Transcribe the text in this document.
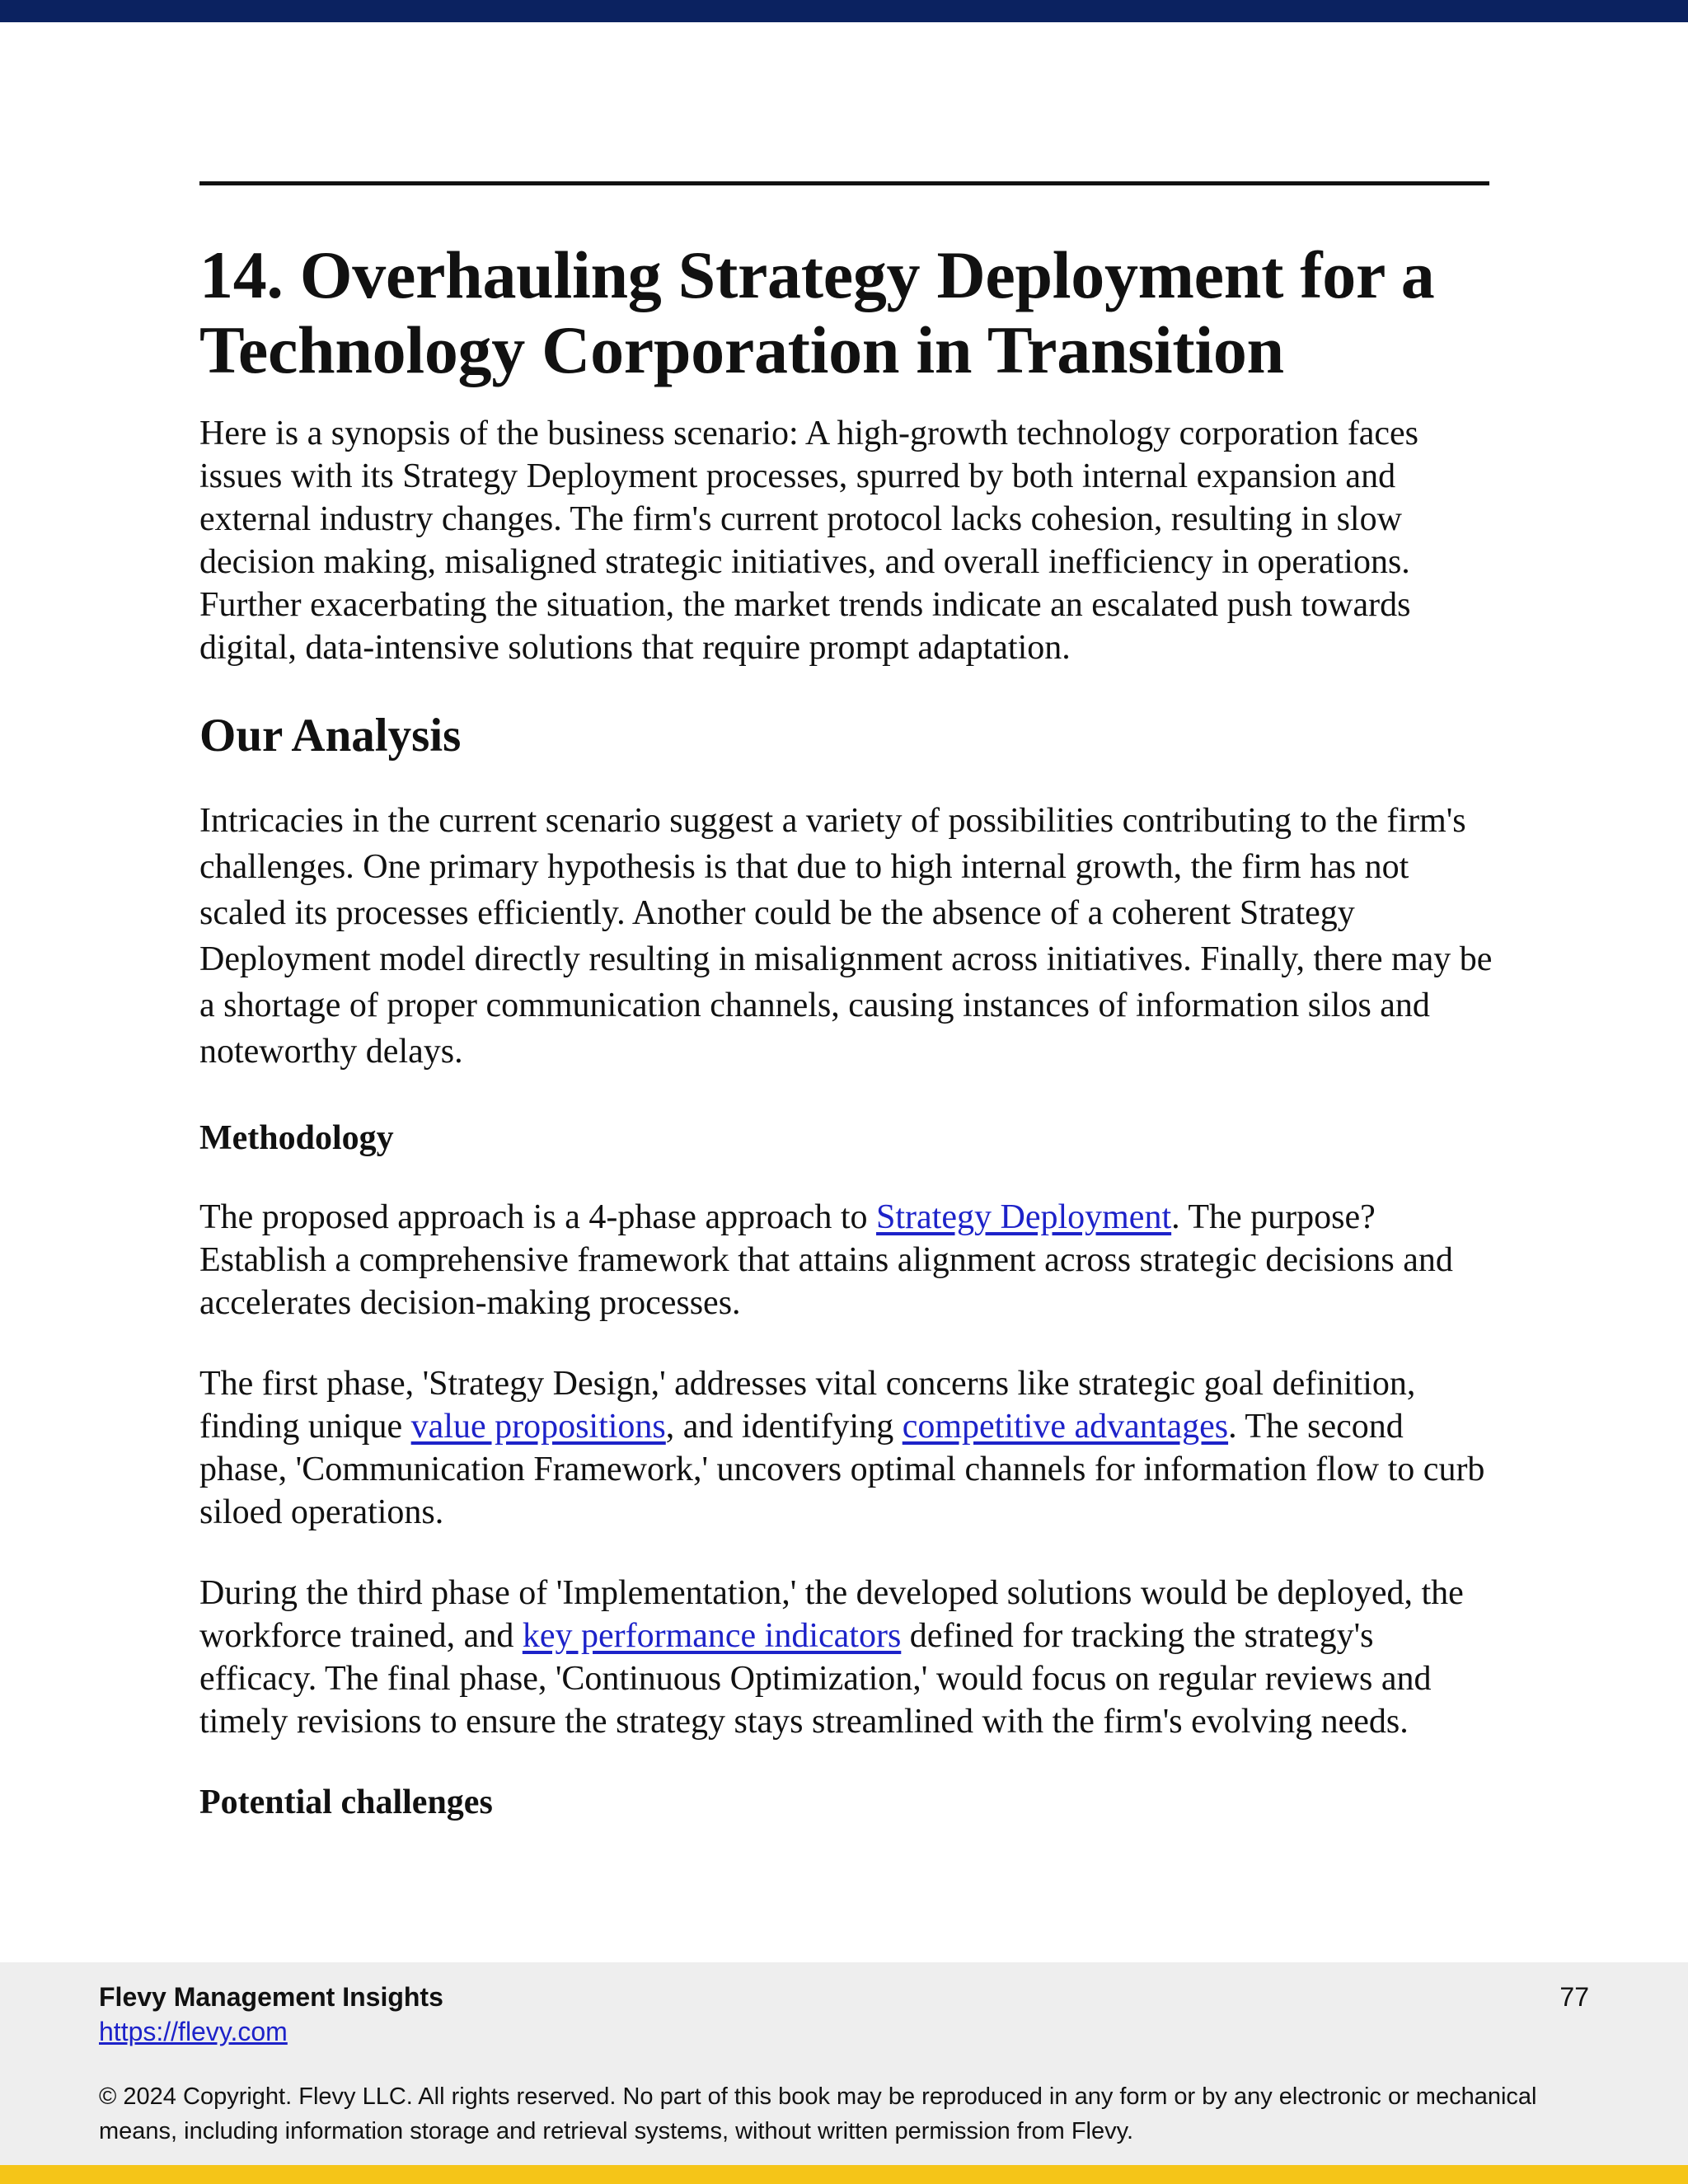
14. Overhauling Strategy Deployment for a Technology Corporation in Transition

Here is a synopsis of the business scenario: A high-growth technology corporation faces issues with its Strategy Deployment processes, spurred by both internal expansion and external industry changes. The firm's current protocol lacks cohesion, resulting in slow decision making, misaligned strategic initiatives, and overall inefficiency in operations. Further exacerbating the situation, the market trends indicate an escalated push towards digital, data-intensive solutions that require prompt adaptation.

Our Analysis

Intricacies in the current scenario suggest a variety of possibilities contributing to the firm's challenges. One primary hypothesis is that due to high internal growth, the firm has not scaled its processes efficiently. Another could be the absence of a coherent Strategy Deployment model directly resulting in misalignment across initiatives. Finally, there may be a shortage of proper communication channels, causing instances of information silos and noteworthy delays.

Methodology

The proposed approach is a 4-phase approach to Strategy Deployment. The purpose? Establish a comprehensive framework that attains alignment across strategic decisions and accelerates decision-making processes.

The first phase, 'Strategy Design,' addresses vital concerns like strategic goal definition, finding unique value propositions, and identifying competitive advantages. The second phase, 'Communication Framework,' uncovers optimal channels for information flow to curb siloed operations.

During the third phase of 'Implementation,' the developed solutions would be deployed, the workforce trained, and key performance indicators defined for tracking the strategy's efficacy. The final phase, 'Continuous Optimization,' would focus on regular reviews and timely revisions to ensure the strategy stays streamlined with the firm's evolving needs.

Potential challenges
Flevy Management Insights
https://flevy.com
77
© 2024 Copyright. Flevy LLC. All rights reserved. No part of this book may be reproduced in any form or by any electronic or mechanical means, including information storage and retrieval systems, without written permission from Flevy.
